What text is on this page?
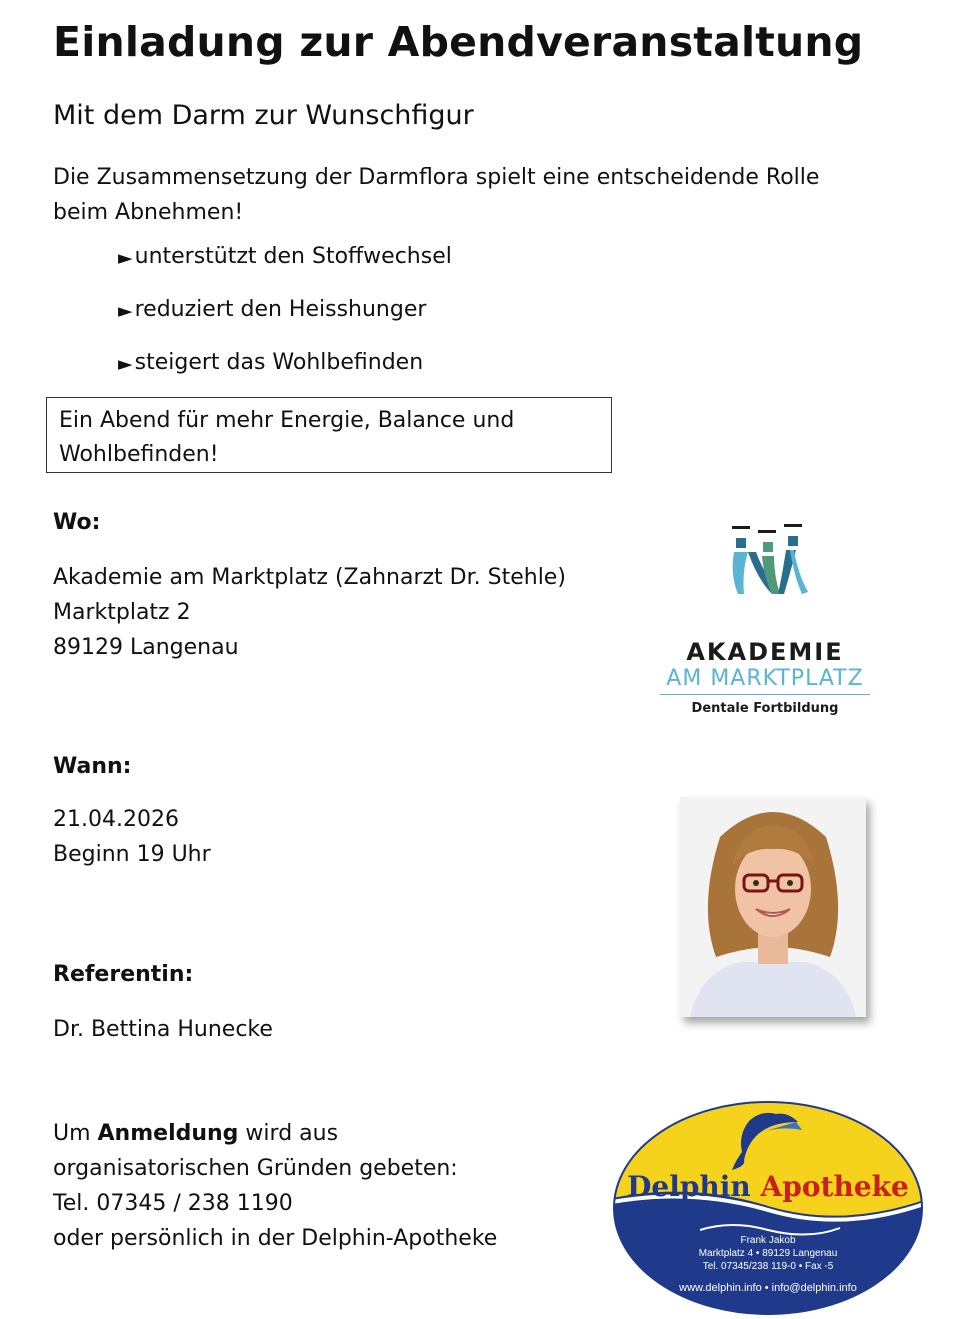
Einladung zur Abendveranstaltung
Mit dem Darm zur Wunschfigur
Die Zusammensetzung der Darmflora spielt eine entscheidende Rolle beim Abnehmen!
► unterstützt den Stoffwechsel
► reduziert den Heisshunger
► steigert das Wohlbefinden
Ein Abend für mehr Energie, Balance und Wohlbefinden!
Wo:
Akademie am Marktplatz (Zahnarzt Dr. Stehle)
Marktplatz 2
89129 Langenau
Wann:
21.04.2026
Beginn 19 Uhr
Referentin:
Dr. Bettina Hunecke
Um Anmeldung wird aus
organisatorischen Gründen gebeten:
Tel. 07345 / 238 1190
oder persönlich in der Delphin-Apotheke
AKADEMIE
AM MARKTPLATZ
Dentale Fortbildung
Delphin Apotheke
Frank Jakob
Marktplatz 4 • 89129 Langenau
Tel. 07345/238 119-0 • Fax -5
www.delphin.info • info@delphin.info
